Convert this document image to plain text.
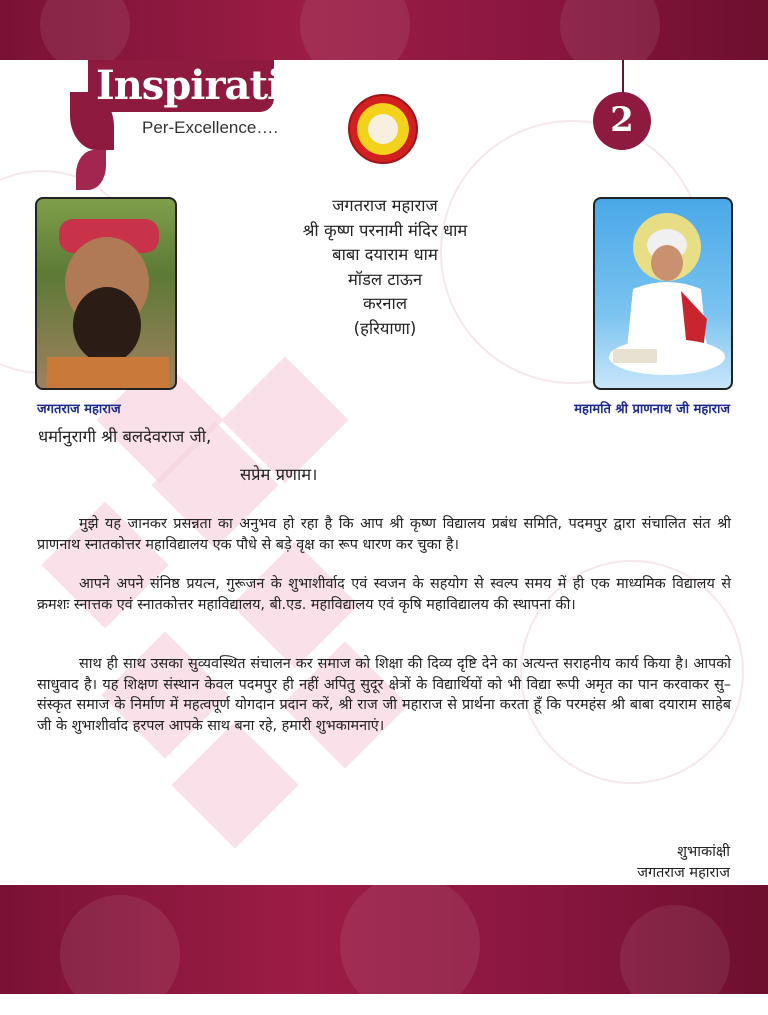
Inspiration
Per-Excellence….	2
जगतराज महाराज
श्री कृष्ण परनामी मंदिर धाम
बाबा दयाराम धाम
मॉडल टाऊन
करनाल
(हरियाणा)
जगतराज महाराज	महामति श्री प्राणनाथ जी महाराज
धर्मानुरागी श्री बलदेवराज जी,
सप्रेम प्रणाम।
मुझे यह जानकर प्रसन्नता का अनुभव हो रहा है कि आप श्री कृष्ण विद्यालय प्रबंध समिति, पदमपुर द्वारा संचालित संत श्री प्राणनाथ स्नातकोत्तर महाविद्यालय एक पौधे से बड़े वृक्ष का रूप धारण कर चुका है।
आपने अपने संनिष्ठ प्रयत्न, गुरूजन के शुभाशीर्वाद एवं स्वजन के सहयोग से स्वल्प समय में ही एक माध्यमिक विद्यालय से क्रमशः स्नात्तक एवं स्नातकोत्तर महाविद्यालय, बी.एड. महाविद्यालय एवं कृषि महाविद्यालय की स्थापना की।
साथ ही साथ उसका सुव्यवस्थित संचालन कर समाज को शिक्षा की दिव्य दृष्टि देने का अत्यन्त सराहनीय कार्य किया है। आपको साधुवाद है। यह शिक्षण संस्थान केवल पदमपुर ही नहीं अपितु सुदूर क्षेत्रों के विद्यार्थियों को भी विद्या रूपी अमृत का पान करवाकर सु–संस्कृत समाज के निर्माण में महत्वपूर्ण योगदान प्रदान करें, श्री राज जी महाराज से प्रार्थना करता हूँ कि परमहंस श्री बाबा दयाराम साहेब जी के शुभाशीर्वाद हरपल आपके साथ बना रहे, हमारी शुभकामनाएं।
शुभाकांक्षी
जगतराज महाराज
